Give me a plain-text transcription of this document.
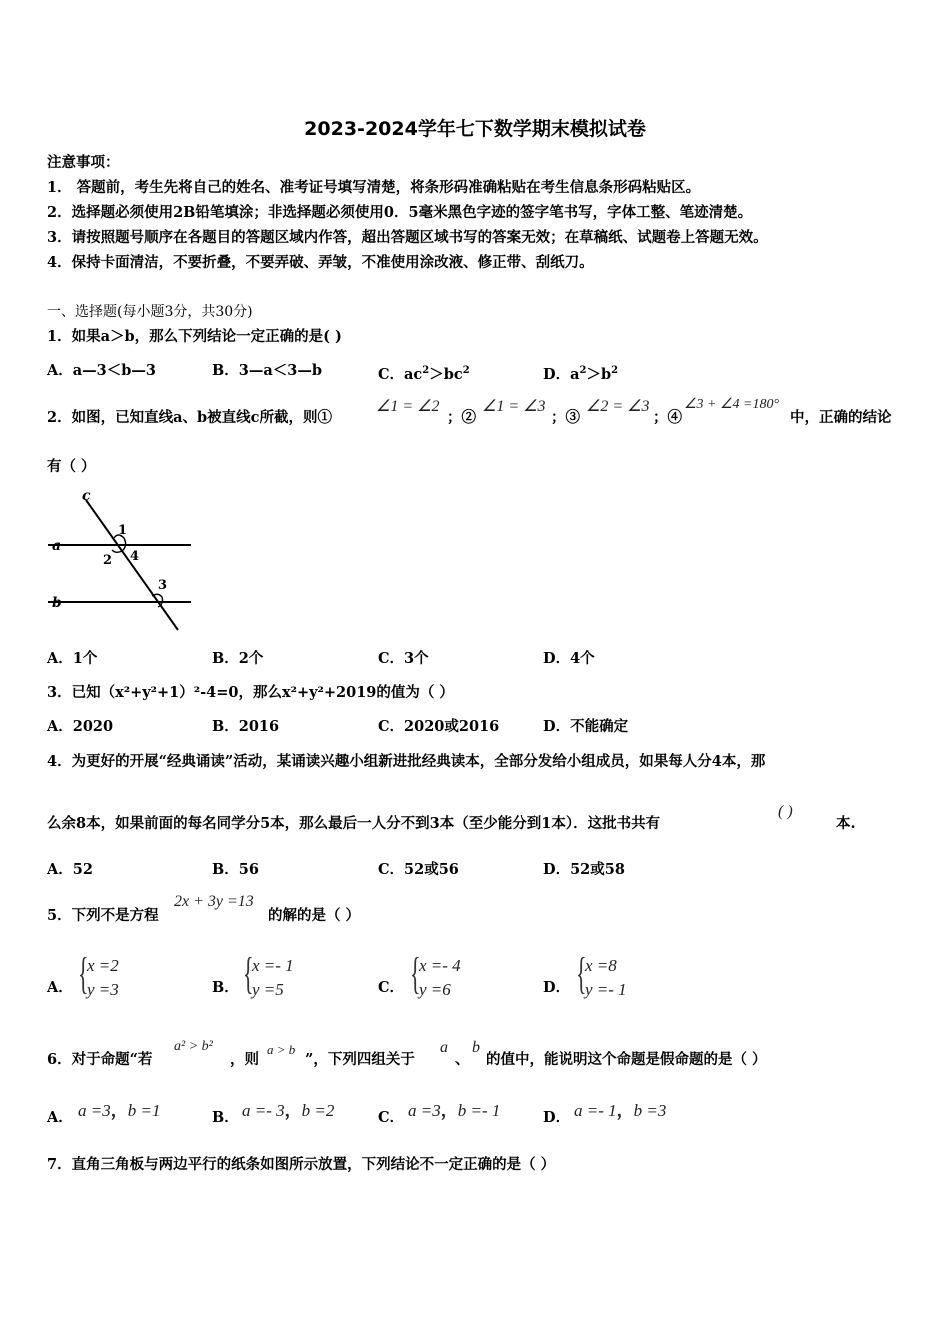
2023-2024学年七下数学期末模拟试卷
注意事项：
1． 答题前，考生先将自己的姓名、准考证号填写清楚，将条形码准确粘贴在考生信息条形码粘贴区。
2．选择题必须使用2B铅笔填涂；非选择题必须使用0．5毫米黑色字迹的签字笔书写，字体工整、笔迹清楚。
3．请按照题号顺序在各题目的答题区域内作答，超出答题区域书写的答案无效；在草稿纸、试题卷上答题无效。
4．保持卡面清洁，不要折叠，不要弄破、弄皱，不准使用涂改液、修正带、刮纸刀。
一、选择题(每小题3分，共30分)
1．如果a＞b，那么下列结论一定正确的是( )
A．a—3＜b—3	B．3—a＜3—b	C．$ac^2>bc^2$	D．$a^2>b^2$
2．如图，已知直线a、b被直线c所截，则①
∠1 = ∠2
；②
∠1 = ∠3
；③
∠2 = ∠3
；④
∠3 + ∠4 =180°
中，正确的结论
有（ ）
c
a
b
1
2
3
4
A．1个	B．2个	C．3个	D．4个
3．已知（x²+y²+1）²-4=0，那么x²+y²+2019的值为（ ）
A．2020	B．2016	C．2020或2016	D．不能确定
4．为更好的开展“经典诵读”活动，某诵读兴趣小组新进批经典读本，全部分发给小组成员，如果每人分4本，那
么余8本，如果前面的每名同学分5本，那么最后一人分不到3本（至少能分到1本）．这批书共有
( )
本.
A．52	B．56	C．52或56	D．52或58
5．下列不是方程
2x + 3y =13
的解的是（ ）
A． {
x =2
y =3	B． {
x =- 1
y =5	C． {
x =- 4
y =6	D． {
x =8
y =- 1
6．对于命题“若
a² > b²
，则
a > b
”，下列四组关于
a
、
b
的值中，能说明这个命题是假命题的是（ ）
A． a =3，b =1	B． a =- 3，b =2	C． a =3，b =- 1	D． a =- 1，b =3
7．直角三角板与两边平行的纸条如图所示放置，下列结论不一定正确的是（ ）
